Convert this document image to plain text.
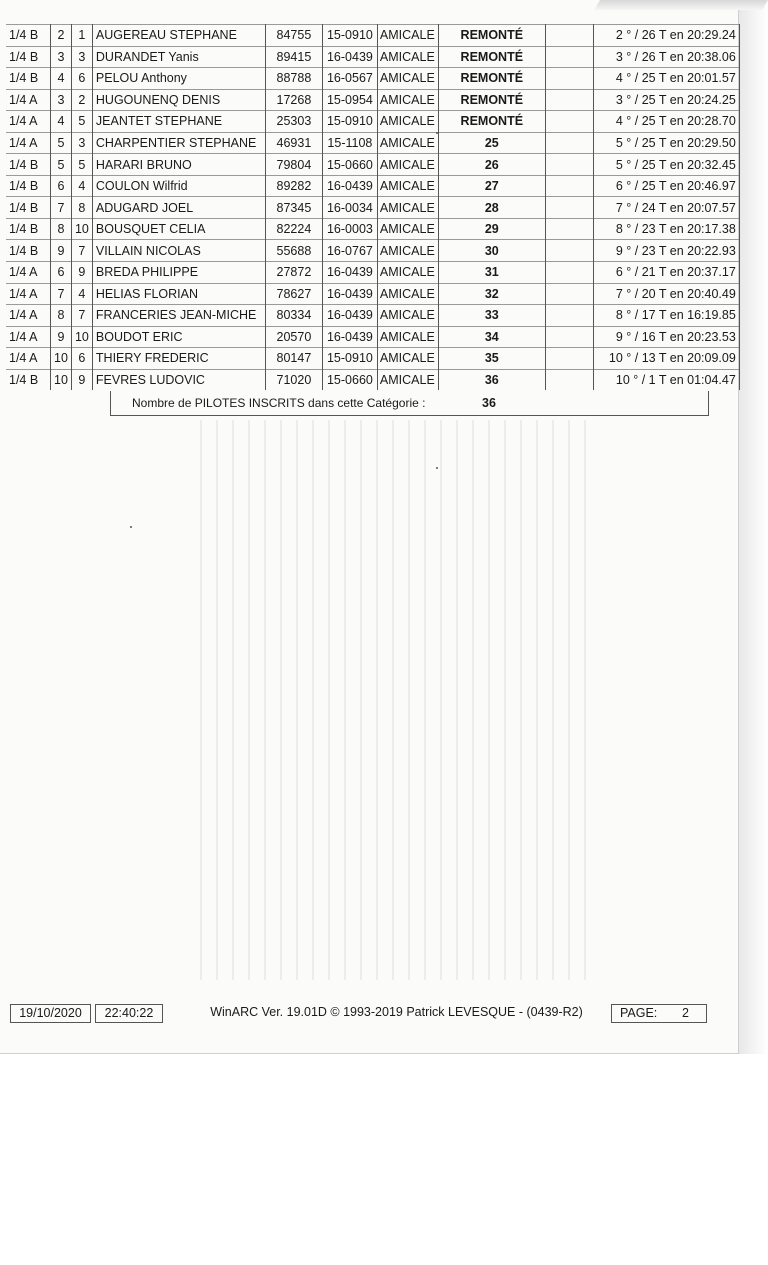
1/4 B	2	1	AUGEREAU STEPHANE	84755	15-0910	AMICALE	REMONTÉ		2 ° / 26 T en 20:29.24
1/4 B	3	3	DURANDET Yanis	89415	16-0439	AMICALE	REMONTÉ		3 ° / 26 T en 20:38.06
1/4 B	4	6	PELOU Anthony	88788	16-0567	AMICALE	REMONTÉ		4 ° / 25 T en 20:01.57
1/4 A	3	2	HUGOUNENQ DENIS	17268	15-0954	AMICALE	REMONTÉ		3 ° / 25 T en 20:24.25
1/4 A	4	5	JEANTET STEPHANE	25303	15-0910	AMICALE	REMONTÉ		4 ° / 25 T en 20:28.70
1/4 A	5	3	CHARPENTIER STEPHANE	46931	15-1108	AMICALE	25		5 ° / 25 T en 20:29.50
1/4 B	5	5	HARARI BRUNO	79804	15-0660	AMICALE	26		5 ° / 25 T en 20:32.45
1/4 B	6	4	COULON Wilfrid	89282	16-0439	AMICALE	27		6 ° / 25 T en 20:46.97
1/4 B	7	8	ADUGARD JOEL	87345	16-0034	AMICALE	28		7 ° / 24 T en 20:07.57
1/4 B	8	10	BOUSQUET CELIA	82224	16-0003	AMICALE	29		8 ° / 23 T en 20:17.38
1/4 B	9	7	VILLAIN NICOLAS	55688	16-0767	AMICALE	30		9 ° / 23 T en 20:22.93
1/4 A	6	9	BREDA PHILIPPE	27872	16-0439	AMICALE	31		6 ° / 21 T en 20:37.17
1/4 A	7	4	HELIAS FLORIAN	78627	16-0439	AMICALE	32		7 ° / 20 T en 20:40.49
1/4 A	8	7	FRANCERIES JEAN-MICHE	80334	16-0439	AMICALE	33		8 ° / 17 T en 16:19.85
1/4 A	9	10	BOUDOT ERIC	20570	16-0439	AMICALE	34		9 ° / 16 T en 20:23.53
1/4 A	10	6	THIERY FREDERIC	80147	15-0910	AMICALE	35		10 ° / 13 T en 20:09.09
1/4 B	10	9	FEVRES LUDOVIC	71020	15-0660	AMICALE	36		10 ° / 1 T en 01:04.47
Nombre de PILOTES INSCRITS dans cette Catégorie :	36
19/10/2020	22:40:22	WinARC Ver. 19.01D © 1993-2019 Patrick LEVESQUE - (0439-R2)	PAGE: 2
